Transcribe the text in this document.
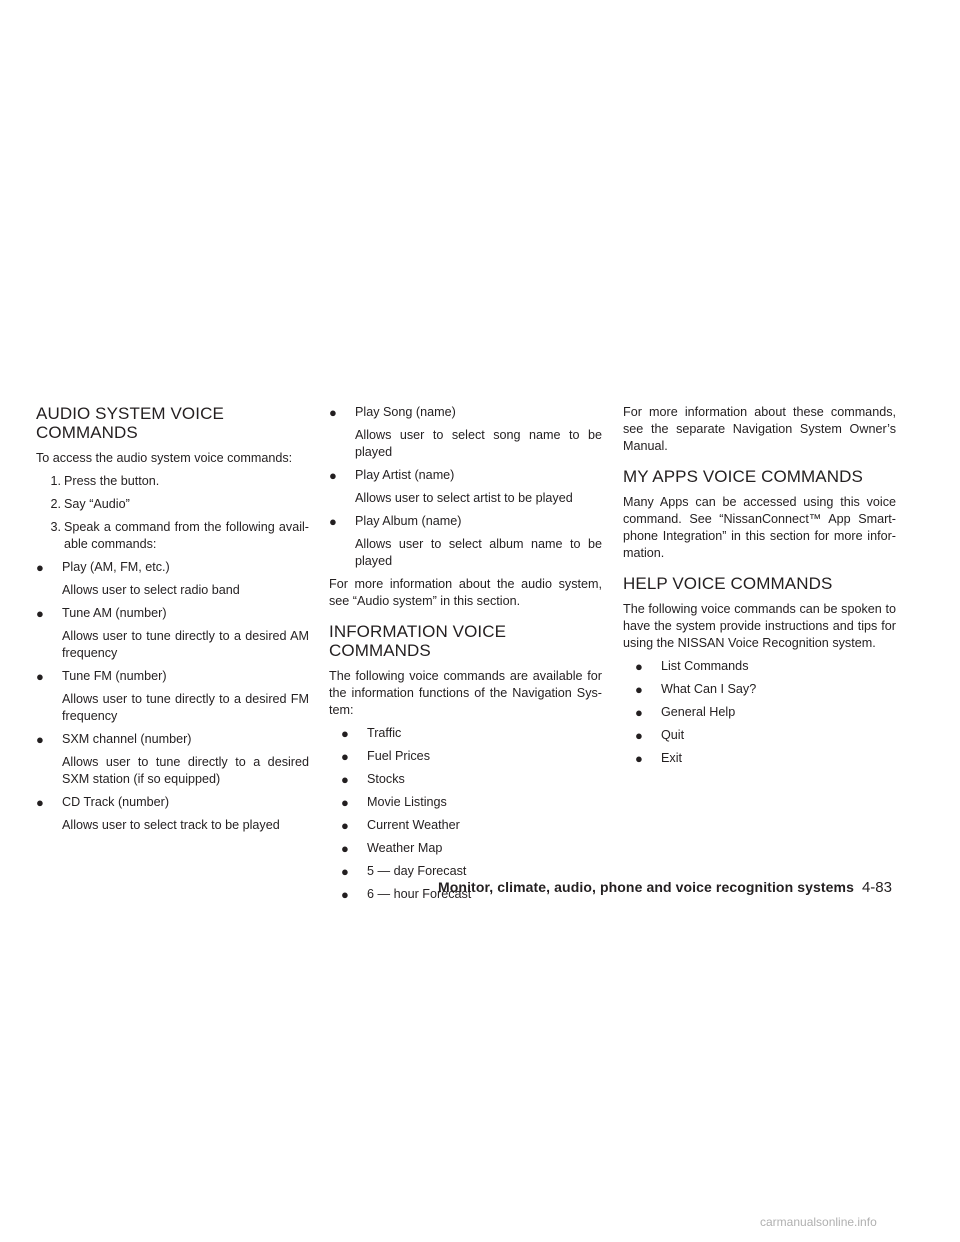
AUDIO SYSTEM VOICE COMMANDS

To access the audio system voice commands:

1. Press the button.
2. Say “Audio”
3. Speak a command from the following avail-able commands:
●	Play (AM, FM, etc.)

Allows user to select radio band

●	Tune AM (number)

Allows user to tune directly to a desired AM frequency

●	Tune FM (number)

Allows user to tune directly to a desired FM frequency

●	SXM channel (number)

Allows user to tune directly to a desired SXM station (if so equipped)

●	CD Track (number)

Allows user to select track to be played

●	Play Song (name)

Allows user to select song name to be played

●	Play Artist (name)

Allows user to select artist to be played

●	Play Album (name)

Allows user to select album name to be played

For more information about the audio system, see “Audio system” in this section.

INFORMATION VOICE COMMANDS

The following voice commands are available for the information functions of the Navigation Sys-tem:

●	Traffic
●	Fuel Prices
●	Stocks
●	Movie Listings
●	Current Weather
●	Weather Map
●	5 — day Forecast
●	6 — hour Forecast

For more information about these commands, see the separate Navigation System Owner’s Manual.

MY APPS VOICE COMMANDS

Many Apps can be accessed using this voice command. See “NissanConnect™ App Smart-phone Integration” in this section for more infor-mation.

HELP VOICE COMMANDS

The following voice commands can be spoken to have the system provide instructions and tips for using the NISSAN Voice Recognition system.

●	List Commands
●	What Can I Say?
●	General Help
●	Quit
●	Exit
Monitor, climate, audio, phone and voice recognition systems 4-83
carmanualsonline.info
